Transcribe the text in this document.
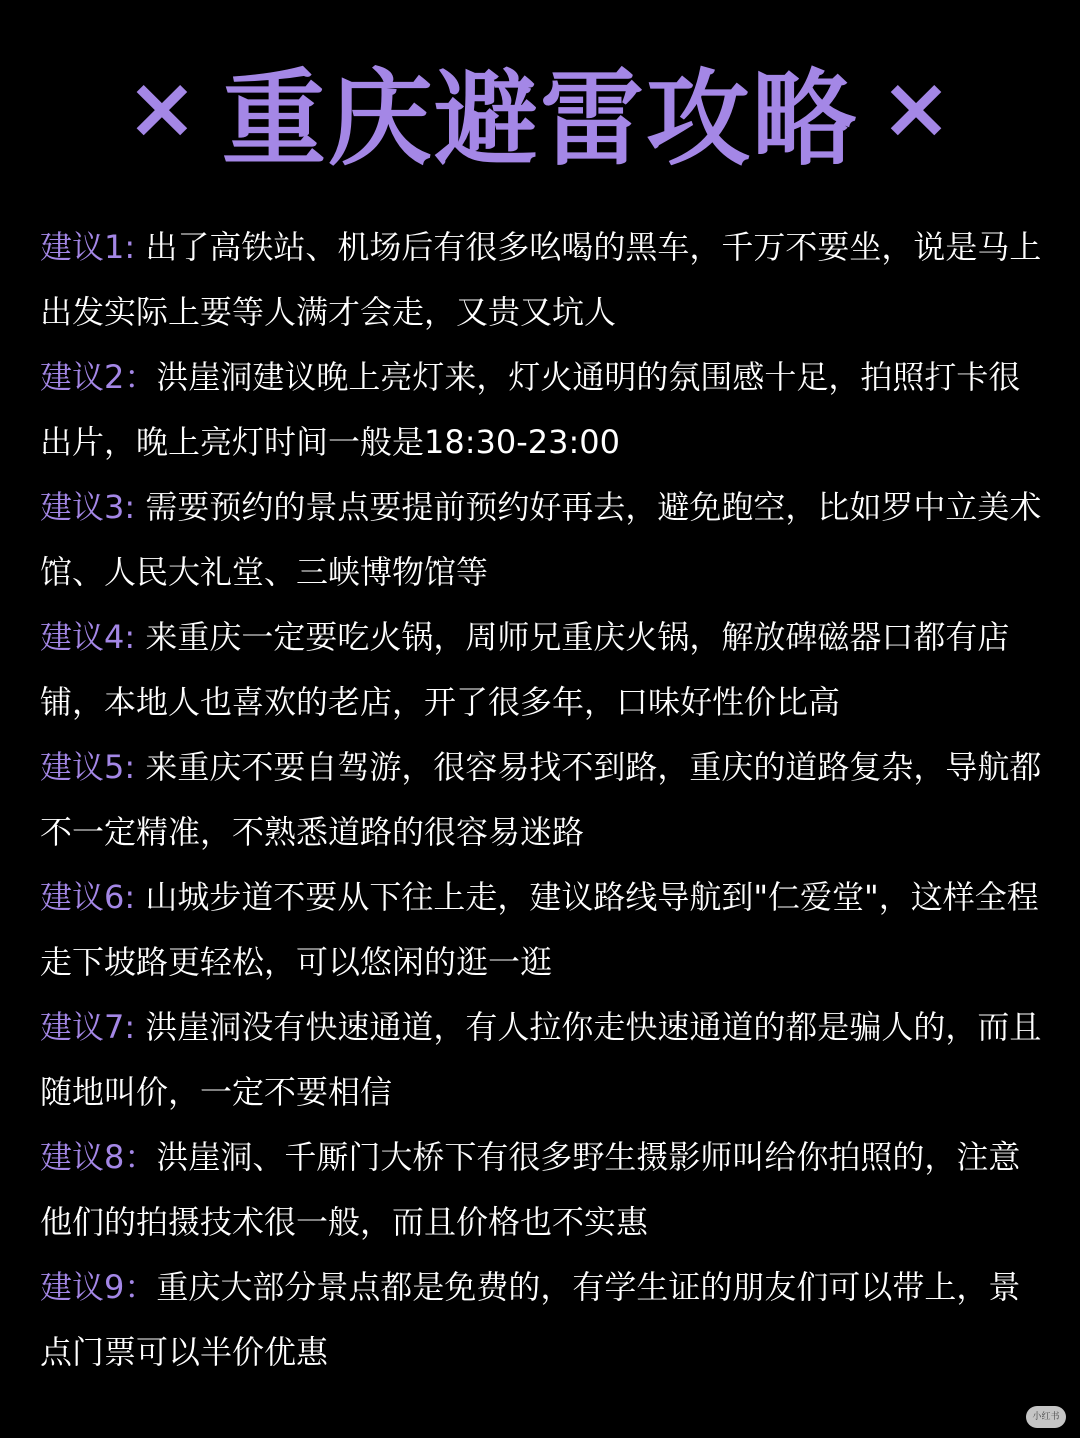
× 重庆避雷攻略 ×

建议1: 出了高铁站、机场后有很多吆喝的黑车，千万不要坐，说是马上出发实际上要等人满才会走，又贵又坑人

建议2：洪崖洞建议晚上亮灯来，灯火通明的氛围感十足，拍照打卡很出片，晚上亮灯时间一般是18:30-23:00

建议3: 需要预约的景点要提前预约好再去，避免跑空，比如罗中立美术馆、人民大礼堂、三峡博物馆等

建议4: 来重庆一定要吃火锅，周师兄重庆火锅，解放碑磁器口都有店铺，本地人也喜欢的老店，开了很多年，口味好性价比高

建议5: 来重庆不要自驾游，很容易找不到路，重庆的道路复杂，导航都不一定精准，不熟悉道路的很容易迷路

建议6: 山城步道不要从下往上走，建议路线导航到"仁爱堂"，这样全程走下坡路更轻松，可以悠闲的逛一逛

建议7: 洪崖洞没有快速通道，有人拉你走快速通道的都是骗人的，而且随地叫价，一定不要相信

建议8：洪崖洞、千厮门大桥下有很多野生摄影师叫给你拍照的，注意他们的拍摄技术很一般，而且价格也不实惠

建议9：重庆大部分景点都是免费的，有学生证的朋友们可以带上，景点门票可以半价优惠

小红书
